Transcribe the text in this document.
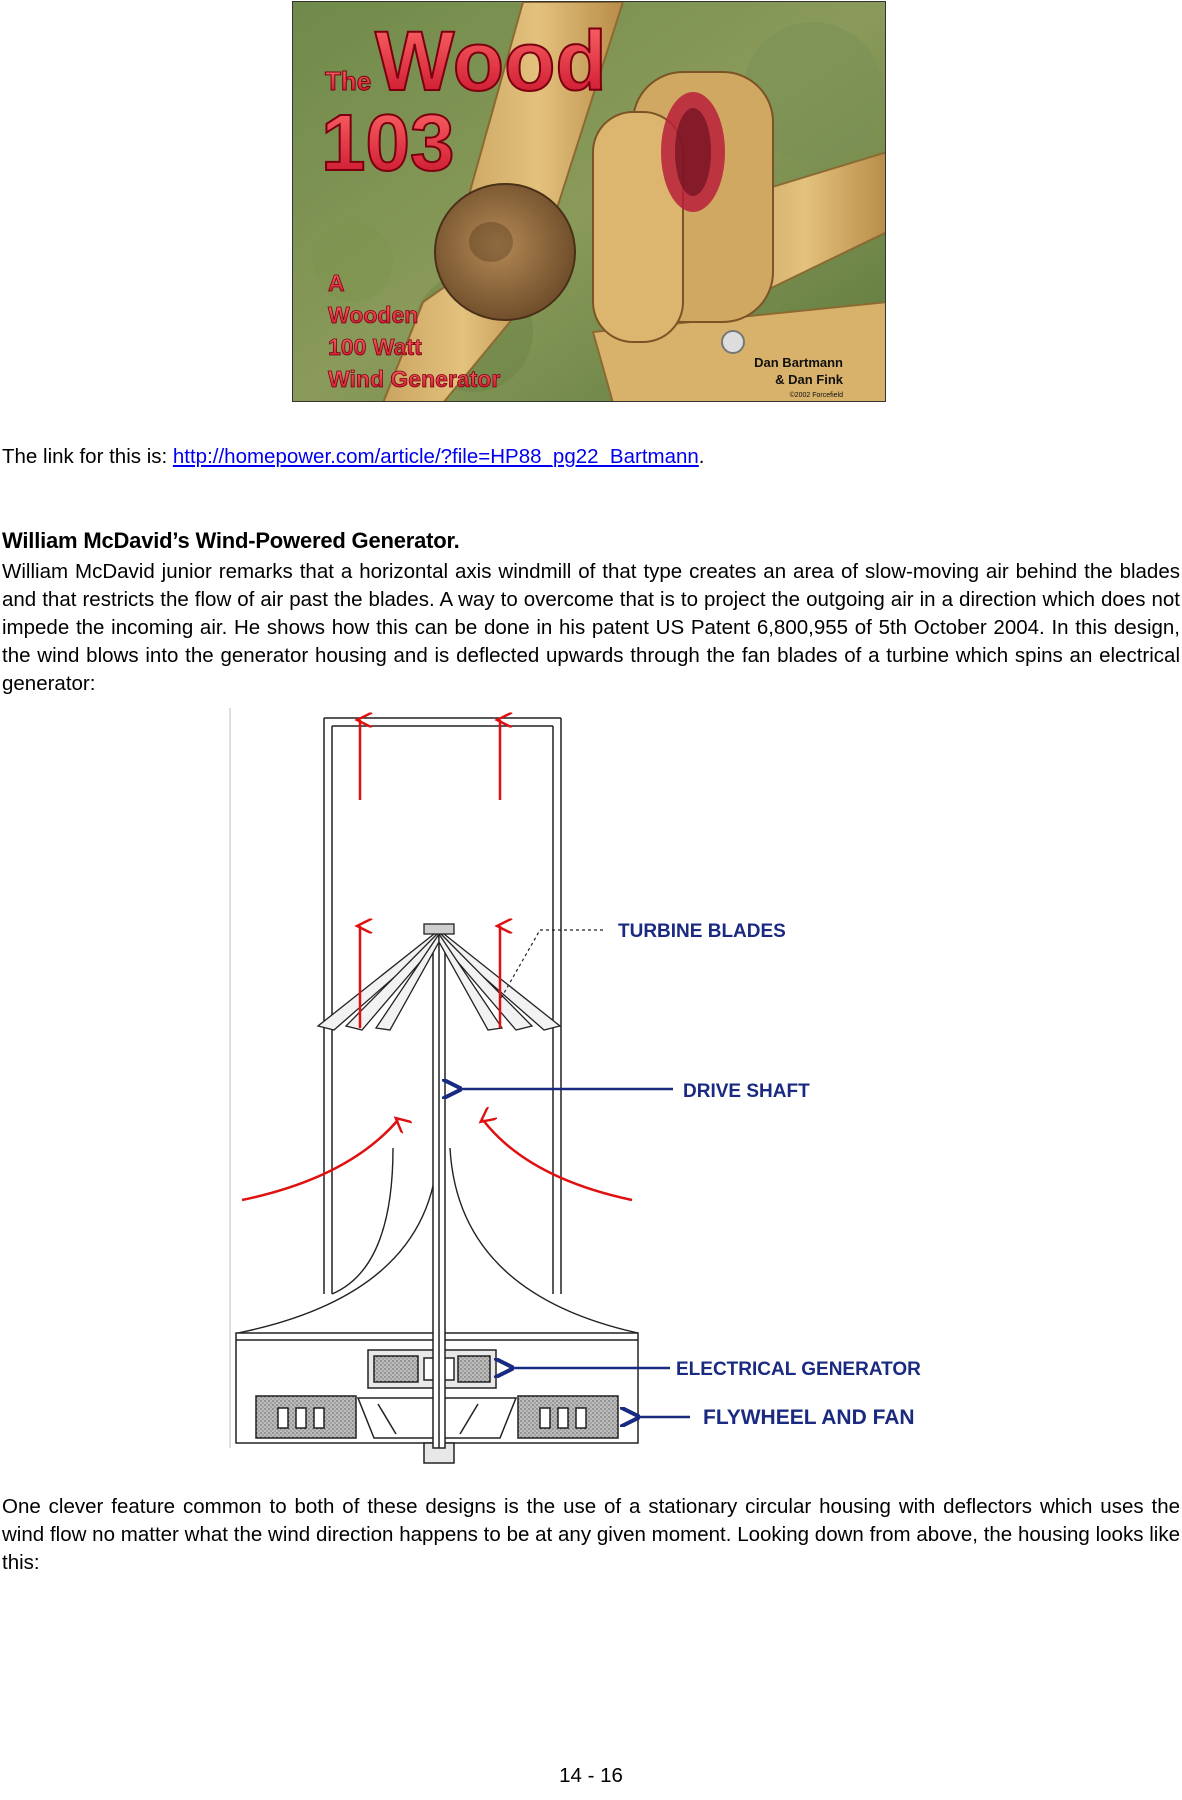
The Wood
103
A
Wooden
100 Watt
Wind Generator
Dan Bartmann
& Dan Fink
©2002 Forcefield
The link for this is: http://homepower.com/article/?file=HP88_pg22_Bartmann.
William McDavid’s Wind-Powered Generator.
William McDavid junior remarks that a horizontal axis windmill of that type creates an area of slow-moving air behind the blades and that restricts the flow of air past the blades. A way to overcome that is to project the outgoing air in a direction which does not impede the incoming air. He shows how this can be done in his patent US Patent 6,800,955 of 5th October 2004. In this design, the wind blows into the generator housing and is deflected upwards through the fan blades of a turbine which spins an electrical generator:
TURBINE BLADES
DRIVE SHAFT
ELECTRICAL GENERATOR
FLYWHEEL AND FAN
One clever feature common to both of these designs is the use of a stationary circular housing with deflectors which uses the wind flow no matter what the wind direction happens to be at any given moment. Looking down from above, the housing looks like this:
14 - 16
